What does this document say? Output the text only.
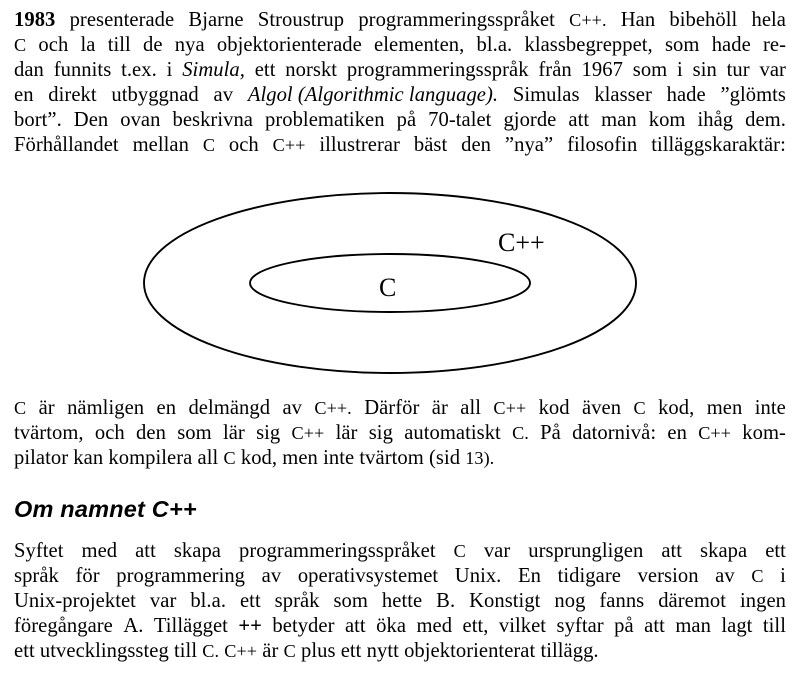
1983 presenterade Bjarne Stroustrup programmeringsspråket C++. Han bibehöll hela
C och la till de nya objektorienterade elementen, bl.a. klassbegreppet, som hade re-
dan funnits t.ex. i Simula, ett norskt programmeringsspråk från 1967 som i sin tur var
en direkt utbyggnad av Algol (Algorithmic language). Simulas klasser hade ”glömts
bort”. Den ovan beskrivna problematiken på 70-talet gjorde att man kom ihåg dem.
Förhållandet mellan C och C++ illustrerar bäst den ”nya” filosofin tilläggskaraktär:
C++
C
C är nämligen en delmängd av C++. Därför är all C++ kod även C kod, men inte
tvärtom, och den som lär sig C++ lär sig automatiskt C. På datornivå: en C++ kom-
pilator kan kompilera all C kod, men inte tvärtom (sid 13).
Om namnet C++
Syftet med att skapa programmeringsspråket C var ursprungligen att skapa ett
språk för programmering av operativsystemet Unix. En tidigare version av C i
Unix-projektet var bl.a. ett språk som hette B. Konstigt nog fanns däremot ingen
föregångare A. Tillägget ++ betyder att öka med ett, vilket syftar på att man lagt till
ett utvecklingssteg till C. C++ är C plus ett nytt objektorienterat tillägg.
